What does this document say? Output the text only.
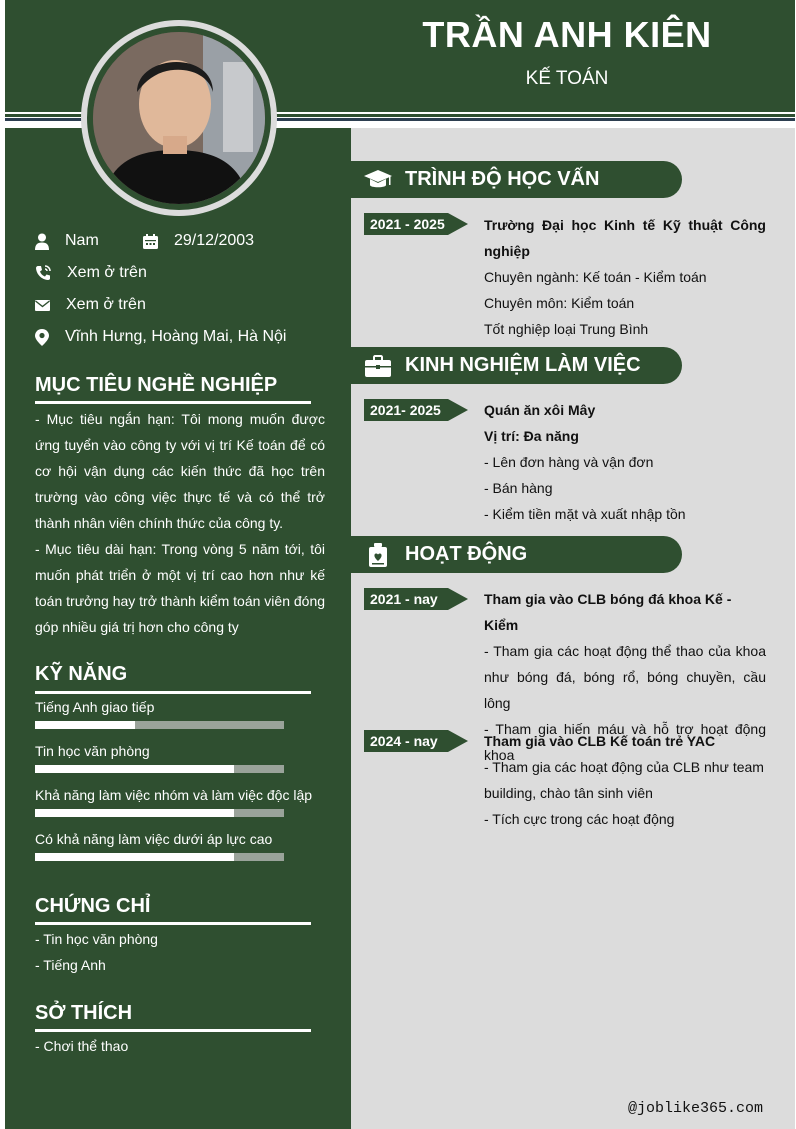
TRẦN ANH KIÊN
KẾ TOÁN
Nam	29/12/2003
Xem ở trên
Xem ở trên
Vĩnh Hưng, Hoàng Mai, Hà Nội
MỤC TIÊU NGHỀ NGHIỆP
- Mục tiêu ngắn hạn: Tôi mong muốn được ứng tuyển vào công ty với vị trí Kế toán để có cơ hội vận dụng các kiến thức đã học trên trường vào công việc thực tế và có thể trở thành nhân viên chính thức của công ty.
- Mục tiêu dài hạn: Trong vòng 5 năm tới, tôi muốn phát triển ở một vị trí cao hơn như kế toán trưởng hay trở thành kiểm toán viên đóng góp nhiều giá trị hơn cho công ty
KỸ NĂNG
Tiếng Anh giao tiếp
Tin học văn phòng
Khả năng làm việc nhóm và làm việc độc lập
Có khả năng làm việc dưới áp lực cao
CHỨNG CHỈ
- Tin học văn phòng
- Tiếng Anh
SỞ THÍCH
- Chơi thể thao
TRÌNH ĐỘ HỌC VẤN
2021 - 2025	Trường Đại học Kinh tế Kỹ thuật Công nghiệp
Chuyên ngành: Kế toán - Kiểm toán
Chuyên môn: Kiểm toán
Tốt nghiệp loại Trung Bình
KINH NGHIỆM LÀM VIỆC
2021- 2025	Quán ăn xôi Mây
Vị trí: Đa năng
- Lên đơn hàng và vận đơn
- Bán hàng
- Kiểm tiền mặt và xuất nhập tồn
HOẠT ĐỘNG
2021 - nay	Tham gia vào CLB bóng đá khoa Kế - Kiểm
- Tham gia các hoạt động thể thao của khoa như bóng đá, bóng rổ, bóng chuyền, cầu lông
- Tham gia hiến máu và hỗ trợ hoạt động khoa
2024 - nay	Tham gia vào CLB Kế toán trẻ YAC
- Tham gia các hoạt động của CLB như team building, chào tân sinh viên
- Tích cực trong các hoạt động
@joblike365.com
